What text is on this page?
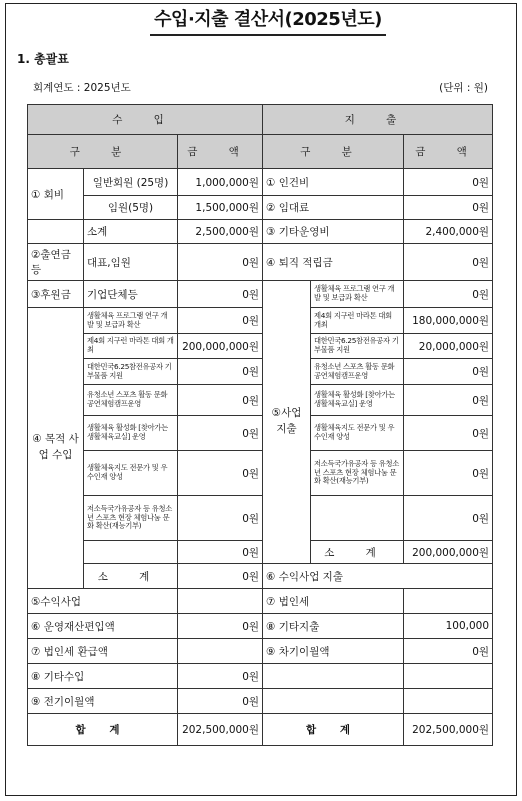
수입·지출 결산서(2025년도)
1. 총괄표
회계연도 : 2025년도	(단위 : 원)
수 입			지 출		
구 분		금 액	구 분		금 액
① 회비	일반회원 (25명)	1,000,000원	① 인건비		0원
	임원(5명)	1,500,000원	② 임대료		0원
	소계	2,500,000원	③ 기타운영비		2,400,000원
②출연금등	대표,임원	0원	④ 퇴직 적립금		0원
③후원금	기업단체등	0원	⑤사업 지출	생활체육 프로그램 연구 개발 및 보급과 확산	0원
④ 목적 사업 수입	생활체육 프로그램 연구 개발 및 보급과 확산	0원		제4회 지구런 마라톤 대회 개최	180,000,000원
	제4회 지구런 마라톤 대회 개최	200,000,000원		대한민국6.25참전유공자 기부물품 지원	20,000,000원
	대한민국6.25참전유공자 기부물품 지원	0원		유청소년 스포츠 활동 문화공연체험캠프운영	0원
	유청소년 스포츠 활동 문화공연체험캠프운영	0원		생활체육 활성화 [찾아가는 생활체육교실] 운영	0원
	생활체육 활성화 [찾아가는 생활체육교실] 운영	0원		생활체육지도 전문가 및 우수인재 양성	0원
	생활체육지도 전문가 및 우수인재 양성	0원		저소득국가유공자 등 유청소년 스포츠 현장 체험나눔 문화 확산(재능기부)	0원
	저소득국가유공자 등 유청소년 스포츠 현장 체험나눔 문화 확산(재능기부)	0원			0원
		0원		소 계	200,000,000원
	소 계	0원	⑥ 수익사업 지출		
⑤수익사업			⑦ 법인세		
⑥ 운영재산편입액		0원	⑧ 기타지출		100,000
⑦ 법인세 환급액			⑨ 차기이월액		0원
⑧ 기타수입		0원			
⑨ 전기이월액		0원			
합 계		202,500,000원	합 계		202,500,000원
